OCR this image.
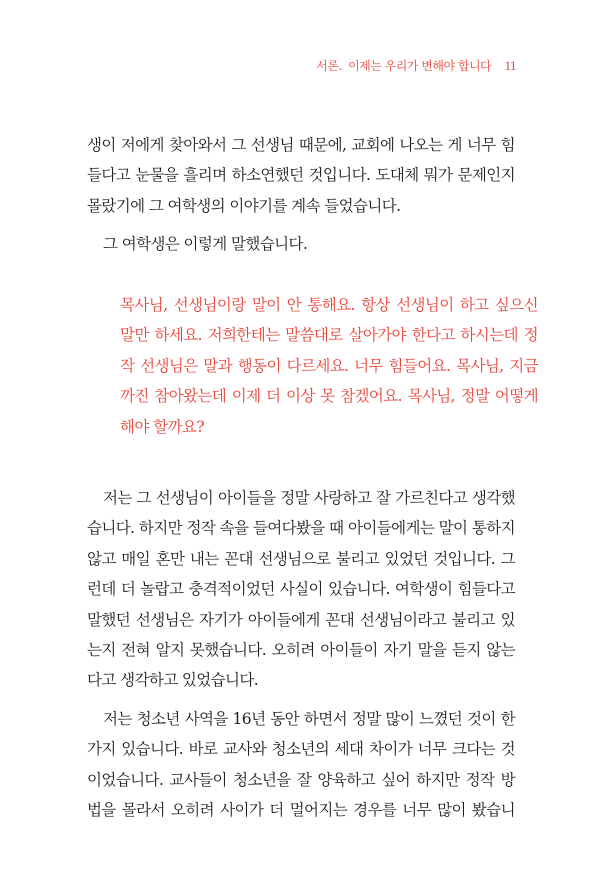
서론. 이제는 우리가 변해야 합니다 11
생이 저에게 찾아와서 그 선생님 때문에, 교회에 나오는 게 너무 힘
들다고 눈물을 흘리며 하소연했던 것입니다. 도대체 뭐가 문제인지
몰랐기에 그 여학생의 이야기를 계속 들었습니다.
그 여학생은 이렇게 말했습니다.
목사님, 선생님이랑 말이 안 통해요. 항상 선생님이 하고 싶으신
말만 하세요. 저희한테는 말씀대로 살아가야 한다고 하시는데 정
작 선생님은 말과 행동이 다르세요. 너무 힘들어요. 목사님, 지금
까진 참아왔는데 이제 더 이상 못 참겠어요. 목사님, 정말 어떻게
해야 할까요?
저는 그 선생님이 아이들을 정말 사랑하고 잘 가르친다고 생각했
습니다. 하지만 정작 속을 들여다봤을 때 아이들에게는 말이 통하지
않고 매일 혼만 내는 꼰대 선생님으로 불리고 있었던 것입니다. 그
런데 더 놀랍고 충격적이었던 사실이 있습니다. 여학생이 힘들다고
말했던 선생님은 자기가 아이들에게 꼰대 선생님이라고 불리고 있
는지 전혀 알지 못했습니다. 오히려 아이들이 자기 말을 듣지 않는
다고 생각하고 있었습니다.
저는 청소년 사역을 16년 동안 하면서 정말 많이 느꼈던 것이 한
가지 있습니다. 바로 교사와 청소년의 세대 차이가 너무 크다는 것
이었습니다. 교사들이 청소년을 잘 양육하고 싶어 하지만 정작 방
법을 몰라서 오히려 사이가 더 멀어지는 경우를 너무 많이 봤습니
